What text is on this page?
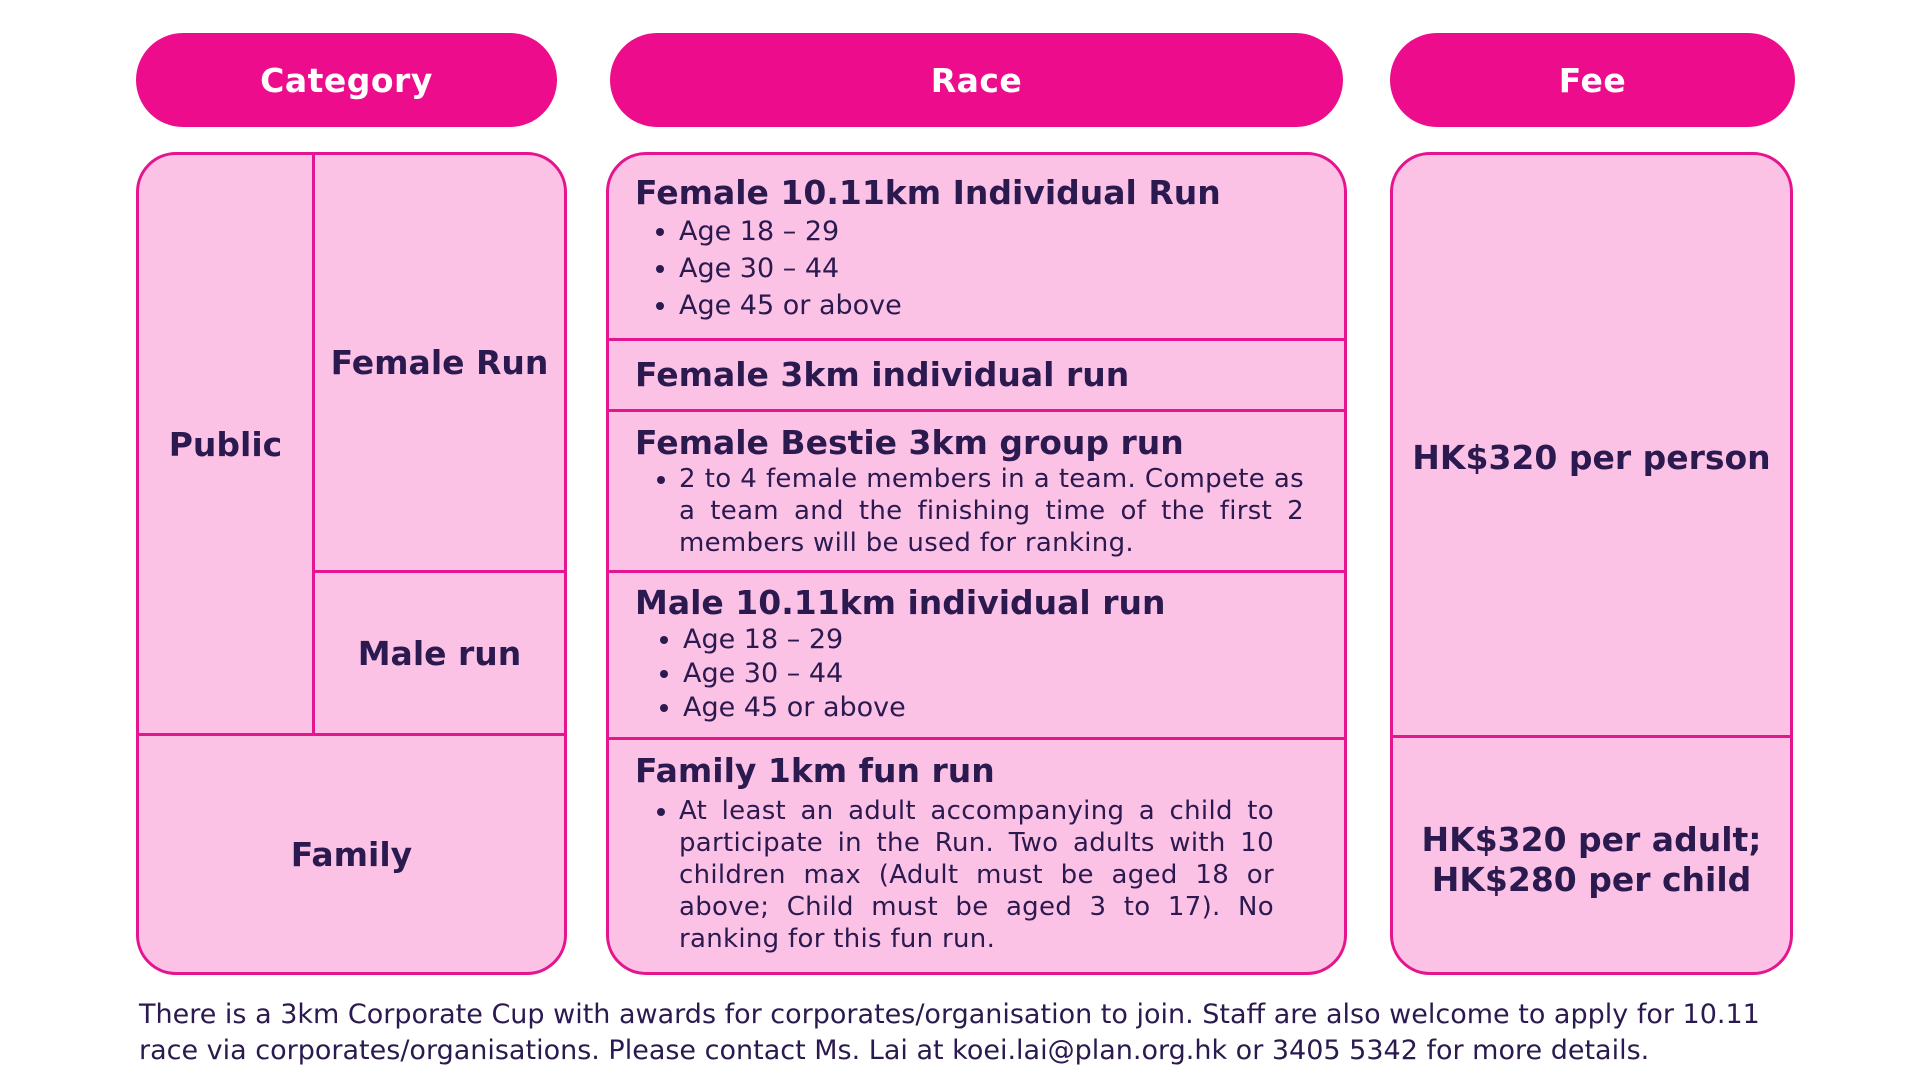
Category	Race	Fee
Public
Female Run
Male run
Family

Female 10.11km Individual Run

• Age 18 – 29
• Age 30 – 44
• Age 45 or above

Female 3km individual run

Female Bestie 3km group run

• 2 to 4 female members in a team. Compete as a team and the finishing time of the first 2 members will be used for ranking.

Male 10.11km individual run

• Age 18 – 29
• Age 30 – 44
• Age 45 or above

Family 1km fun run

• At least an adult accompanying a child to participate in the Run. Two adults with 10 children max (Adult must be aged 18 or above; Child must be aged 3 to 17). No ranking for this fun run.
HK$320 per person
HK$320 per adult;
HK$280 per child
There is a 3km Corporate Cup with awards for corporates/organisation to join. Staff are also welcome to apply for 10.11 race via corporates/organisations. Please contact Ms. Lai at koei.lai@plan.org.hk or 3405 5342 for more details.
